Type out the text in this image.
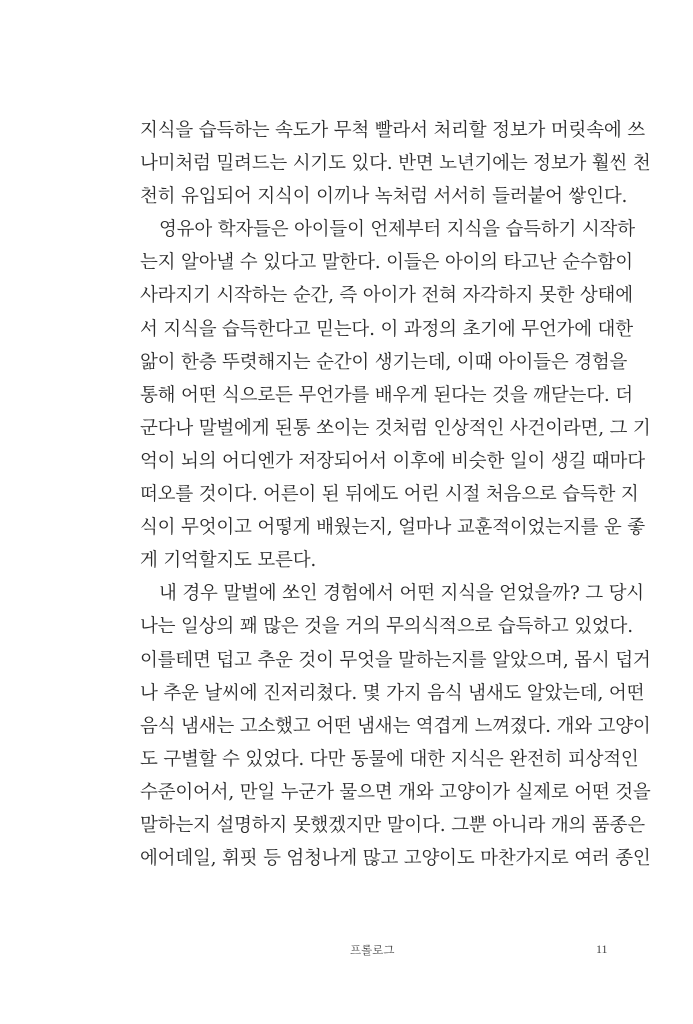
지식을 습득하는 속도가 무척 빨라서 처리할 정보가 머릿속에 쓰
나미처럼 밀려드는 시기도 있다. 반면 노년기에는 정보가 훨씬 천
천히 유입되어 지식이 이끼나 녹처럼 서서히 들러붙어 쌓인다.
영유아 학자들은 아이들이 언제부터 지식을 습득하기 시작하
는지 알아낼 수 있다고 말한다. 이들은 아이의 타고난 순수함이
사라지기 시작하는 순간, 즉 아이가 전혀 자각하지 못한 상태에
서 지식을 습득한다고 믿는다. 이 과정의 초기에 무언가에 대한
앎이 한층 뚜렷해지는 순간이 생기는데, 이때 아이들은 경험을
통해 어떤 식으로든 무언가를 배우게 된다는 것을 깨닫는다. 더
군다나 말벌에게 된통 쏘이는 것처럼 인상적인 사건이라면, 그 기
억이 뇌의 어디엔가 저장되어서 이후에 비슷한 일이 생길 때마다
떠오를 것이다. 어른이 된 뒤에도 어린 시절 처음으로 습득한 지
식이 무엇이고 어떻게 배웠는지, 얼마나 교훈적이었는지를 운 좋
게 기억할지도 모른다.
내 경우 말벌에 쏘인 경험에서 어떤 지식을 얻었을까? 그 당시
나는 일상의 꽤 많은 것을 거의 무의식적으로 습득하고 있었다.
이를테면 덥고 추운 것이 무엇을 말하는지를 알았으며, 몹시 덥거
나 추운 날씨에 진저리쳤다. 몇 가지 음식 냄새도 알았는데, 어떤
음식 냄새는 고소했고 어떤 냄새는 역겹게 느껴졌다. 개와 고양이
도 구별할 수 있었다. 다만 동물에 대한 지식은 완전히 피상적인
수준이어서, 만일 누군가 물으면 개와 고양이가 실제로 어떤 것을
말하는지 설명하지 못했겠지만 말이다. 그뿐 아니라 개의 품종은
에어데일, 휘핏 등 엄청나게 많고 고양이도 마찬가지로 여러 종인
프롤로그	11
